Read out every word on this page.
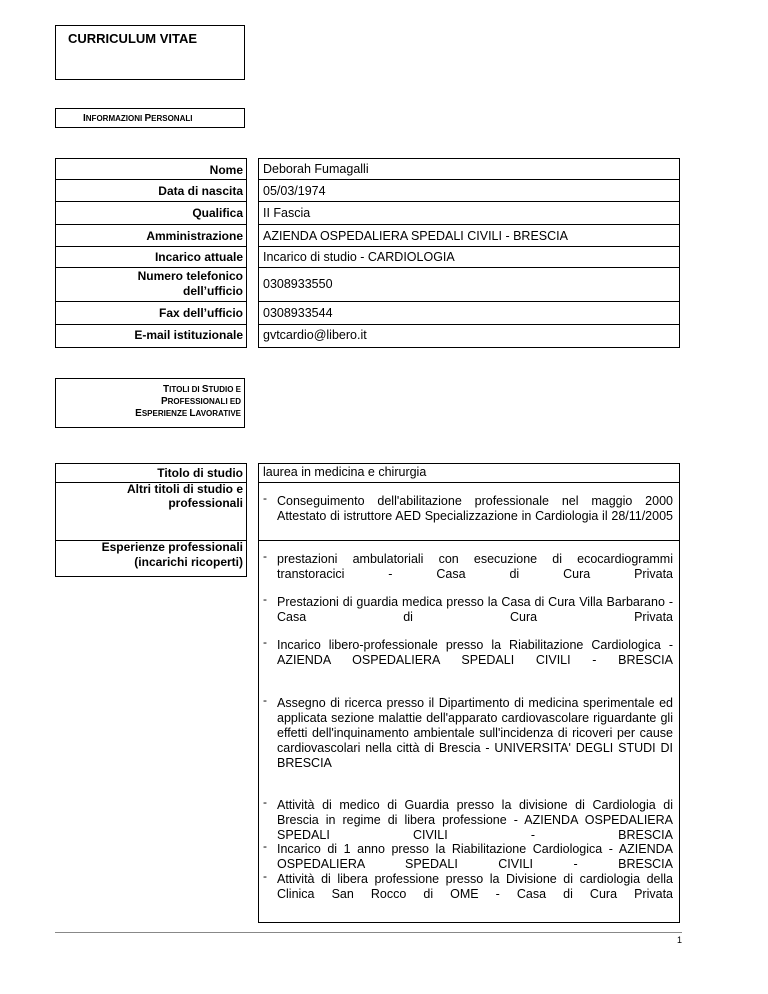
CURRICULUM VITAE
INFORMAZIONI PERSONALI
Nome
Data di nascita
Qualifica
Amministrazione
Incarico attuale
Numero telefonico
dell’ufficio
Fax dell’ufficio
E-mail istituzionale
Deborah Fumagalli
05/03/1974
II Fascia
AZIENDA OSPEDALIERA SPEDALI CIVILI - BRESCIA
Incarico di studio - CARDIOLOGIA
0308933550
0308933544
gvtcardio@libero.it
TITOLI DI STUDIO E
PROFESSIONALI ED
ESPERIENZE LAVORATIVE
Titolo di studio
Altri titoli di studio e
professionali
Esperienze professionali
(incarichi ricoperti)
laurea in medicina e chirurgia
- Conseguimento dell'abilitazione professionale nel maggio 2000 Attestato di istruttore AED Specializzazione in Cardiologia il 28/11/2005
- prestazioni ambulatoriali con esecuzione di ecocardiogrammi transtoracici - Casa di Cura Privata
- Prestazioni di guardia medica presso la Casa di Cura Villa Barbarano - Casa di Cura Privata
- Incarico libero-professionale presso la Riabilitazione Cardiologica - AZIENDA OSPEDALIERA SPEDALI CIVILI - BRESCIA
- Assegno di ricerca presso il Dipartimento di medicina sperimentale ed applicata sezione malattie dell'apparato cardiovascolare riguardante gli effetti dell'inquinamento ambientale sull'incidenza di ricoveri per cause cardiovascolari nella città di Brescia - UNIVERSITA' DEGLI STUDI DI BRESCIA
- Attività di medico di Guardia presso la divisione di Cardiologia di Brescia in regime di libera professione - AZIENDA OSPEDALIERA SPEDALI CIVILI - BRESCIA
- Incarico di 1 anno presso la Riabilitazione Cardiologica - AZIENDA OSPEDALIERA SPEDALI CIVILI - BRESCIA
- Attività di libera professione presso la Divisione di cardiologia della Clinica San Rocco di OME - Casa di Cura Privata
1
